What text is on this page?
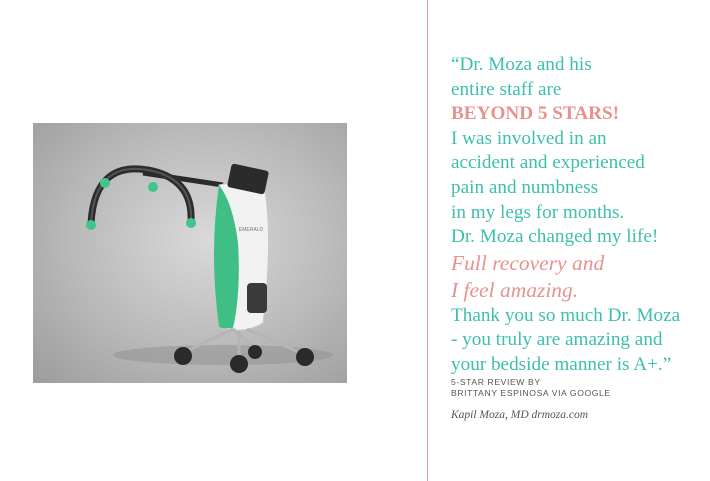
EMERALD
“Dr. Moza and his
entire staff are
BEYOND 5 STARS!
I was involved in an
accident and experienced
pain and numbness
in my legs for months.
Dr. Moza changed my life!
Full recovery and
I feel amazing.
Thank you so much Dr. Moza
- you truly are amazing and
your bedside manner is A+.”
5-STAR REVIEW BY
BRITTANY ESPINOSA VIA GOOGLE
Kapil Moza, MD drmoza.com
